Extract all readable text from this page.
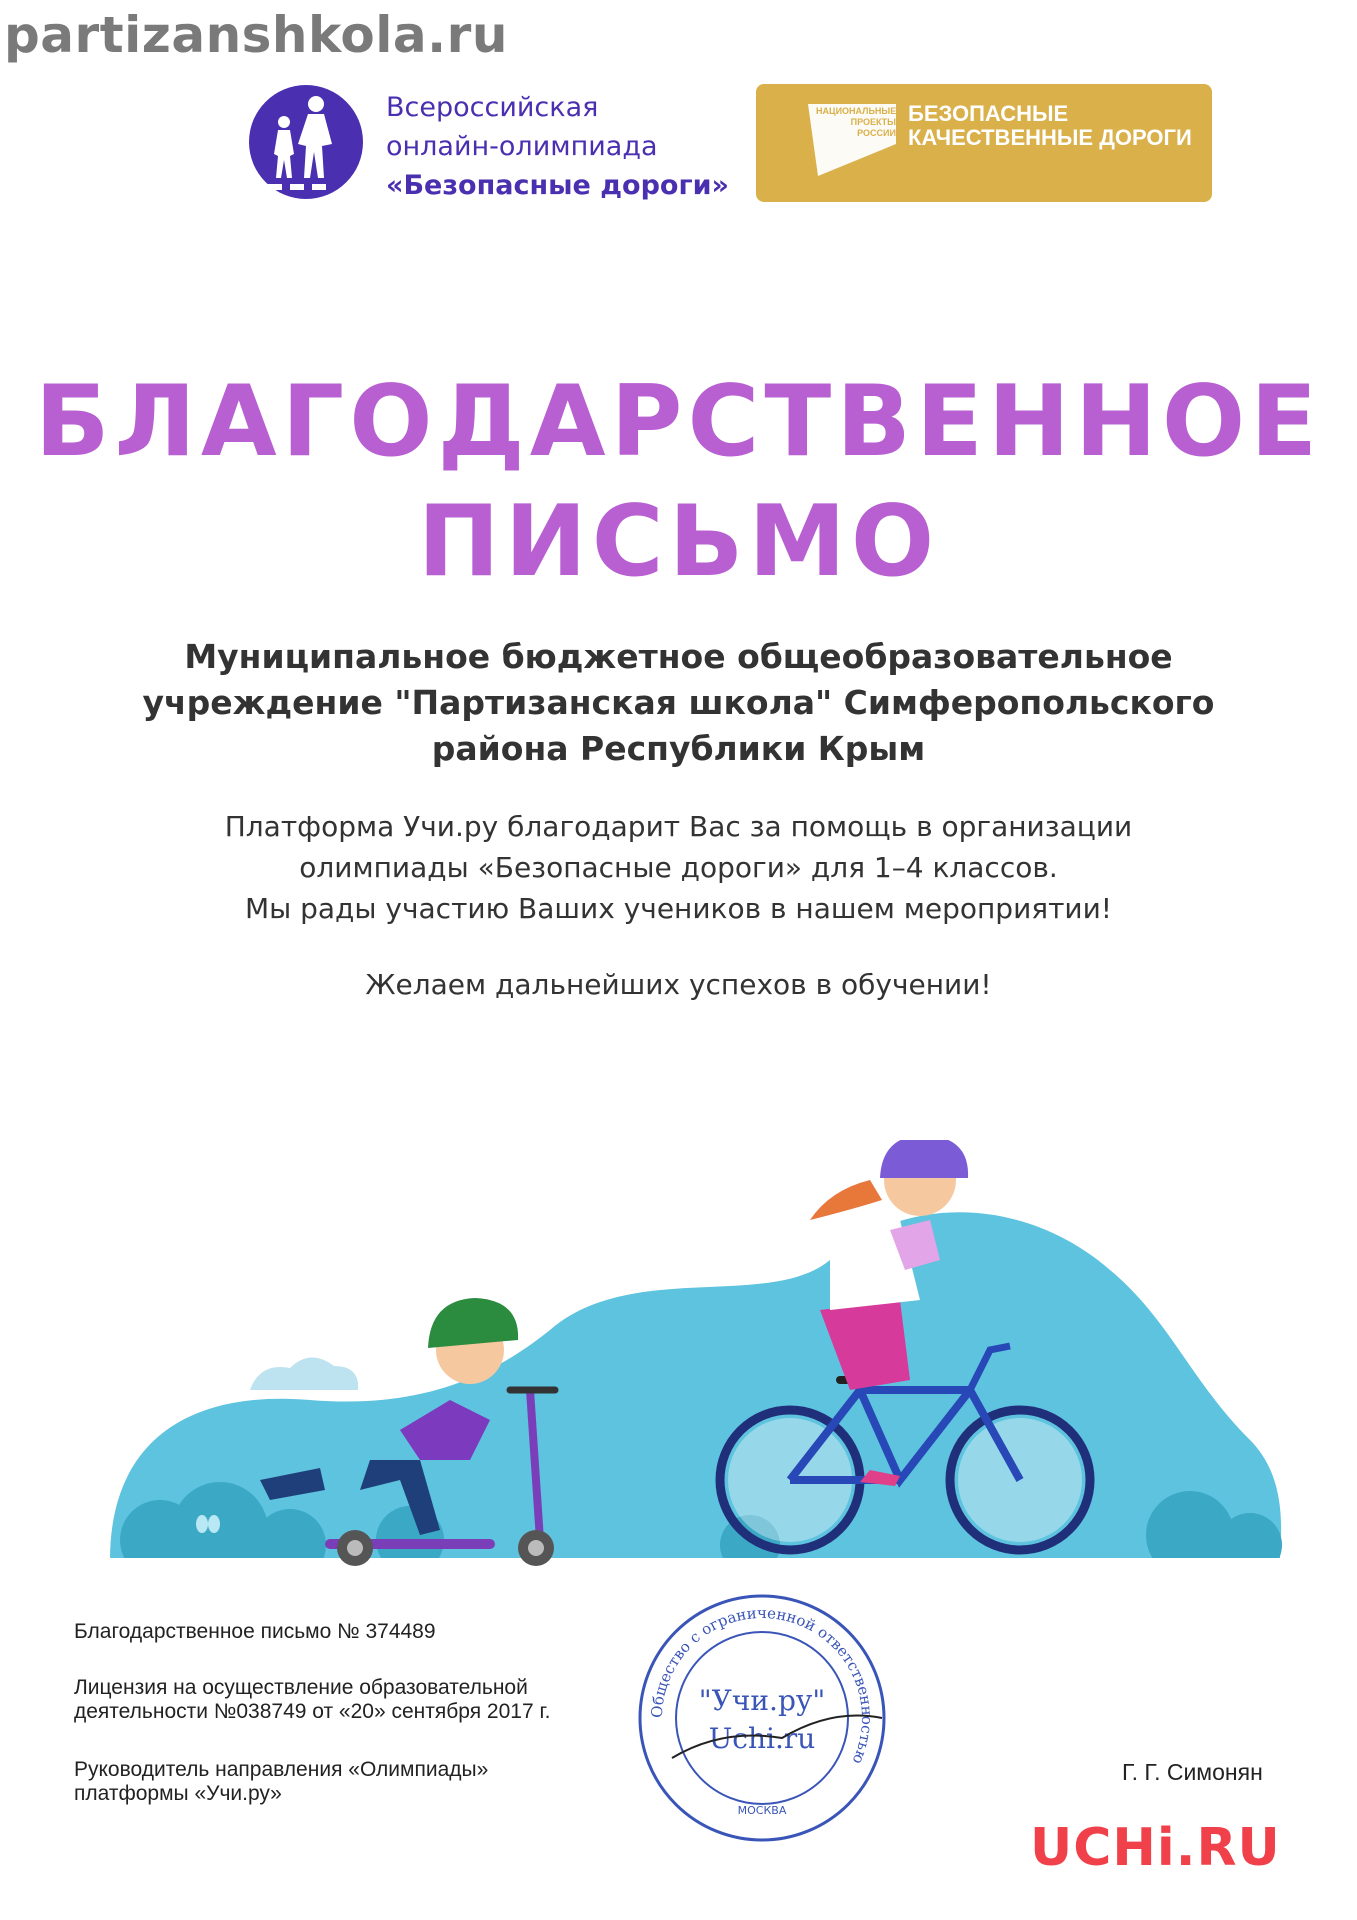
partizanshkola.ru
Всероссийская
онлайн-олимпиада
«Безопасные дороги»
НАЦИОНАЛЬНЫЕ
ПРОЕКТЫ
РОССИИ
БЕЗОПАСНЫЕ
КАЧЕСТВЕННЫЕ ДОРОГИ
БЛАГОДАРСТВЕННОЕ
ПИСЬМО
Муниципальное бюджетное общеобразовательное
учреждение "Партизанская школа" Симферопольского
района Республики Крым
Платформа Учи.ру благодарит Вас за помощь в организации
олимпиады «Безопасные дороги» для 1–4 классов.
Мы рады участию Ваших учеников в нашем мероприятии!
Желаем дальнейших успехов в обучении!
Благодарственное письмо № 374489
Лицензия на осуществление образовательной
деятельности №038749 от «20» сентября 2017 г.
Руководитель направления «Олимпиады»
платформы «Учи.ру»
Г. Г. Симонян
Общество с ограниченной ответственностью
"Учи.ру"
Uchi.ru
МОСКВА
UCHi.RU
